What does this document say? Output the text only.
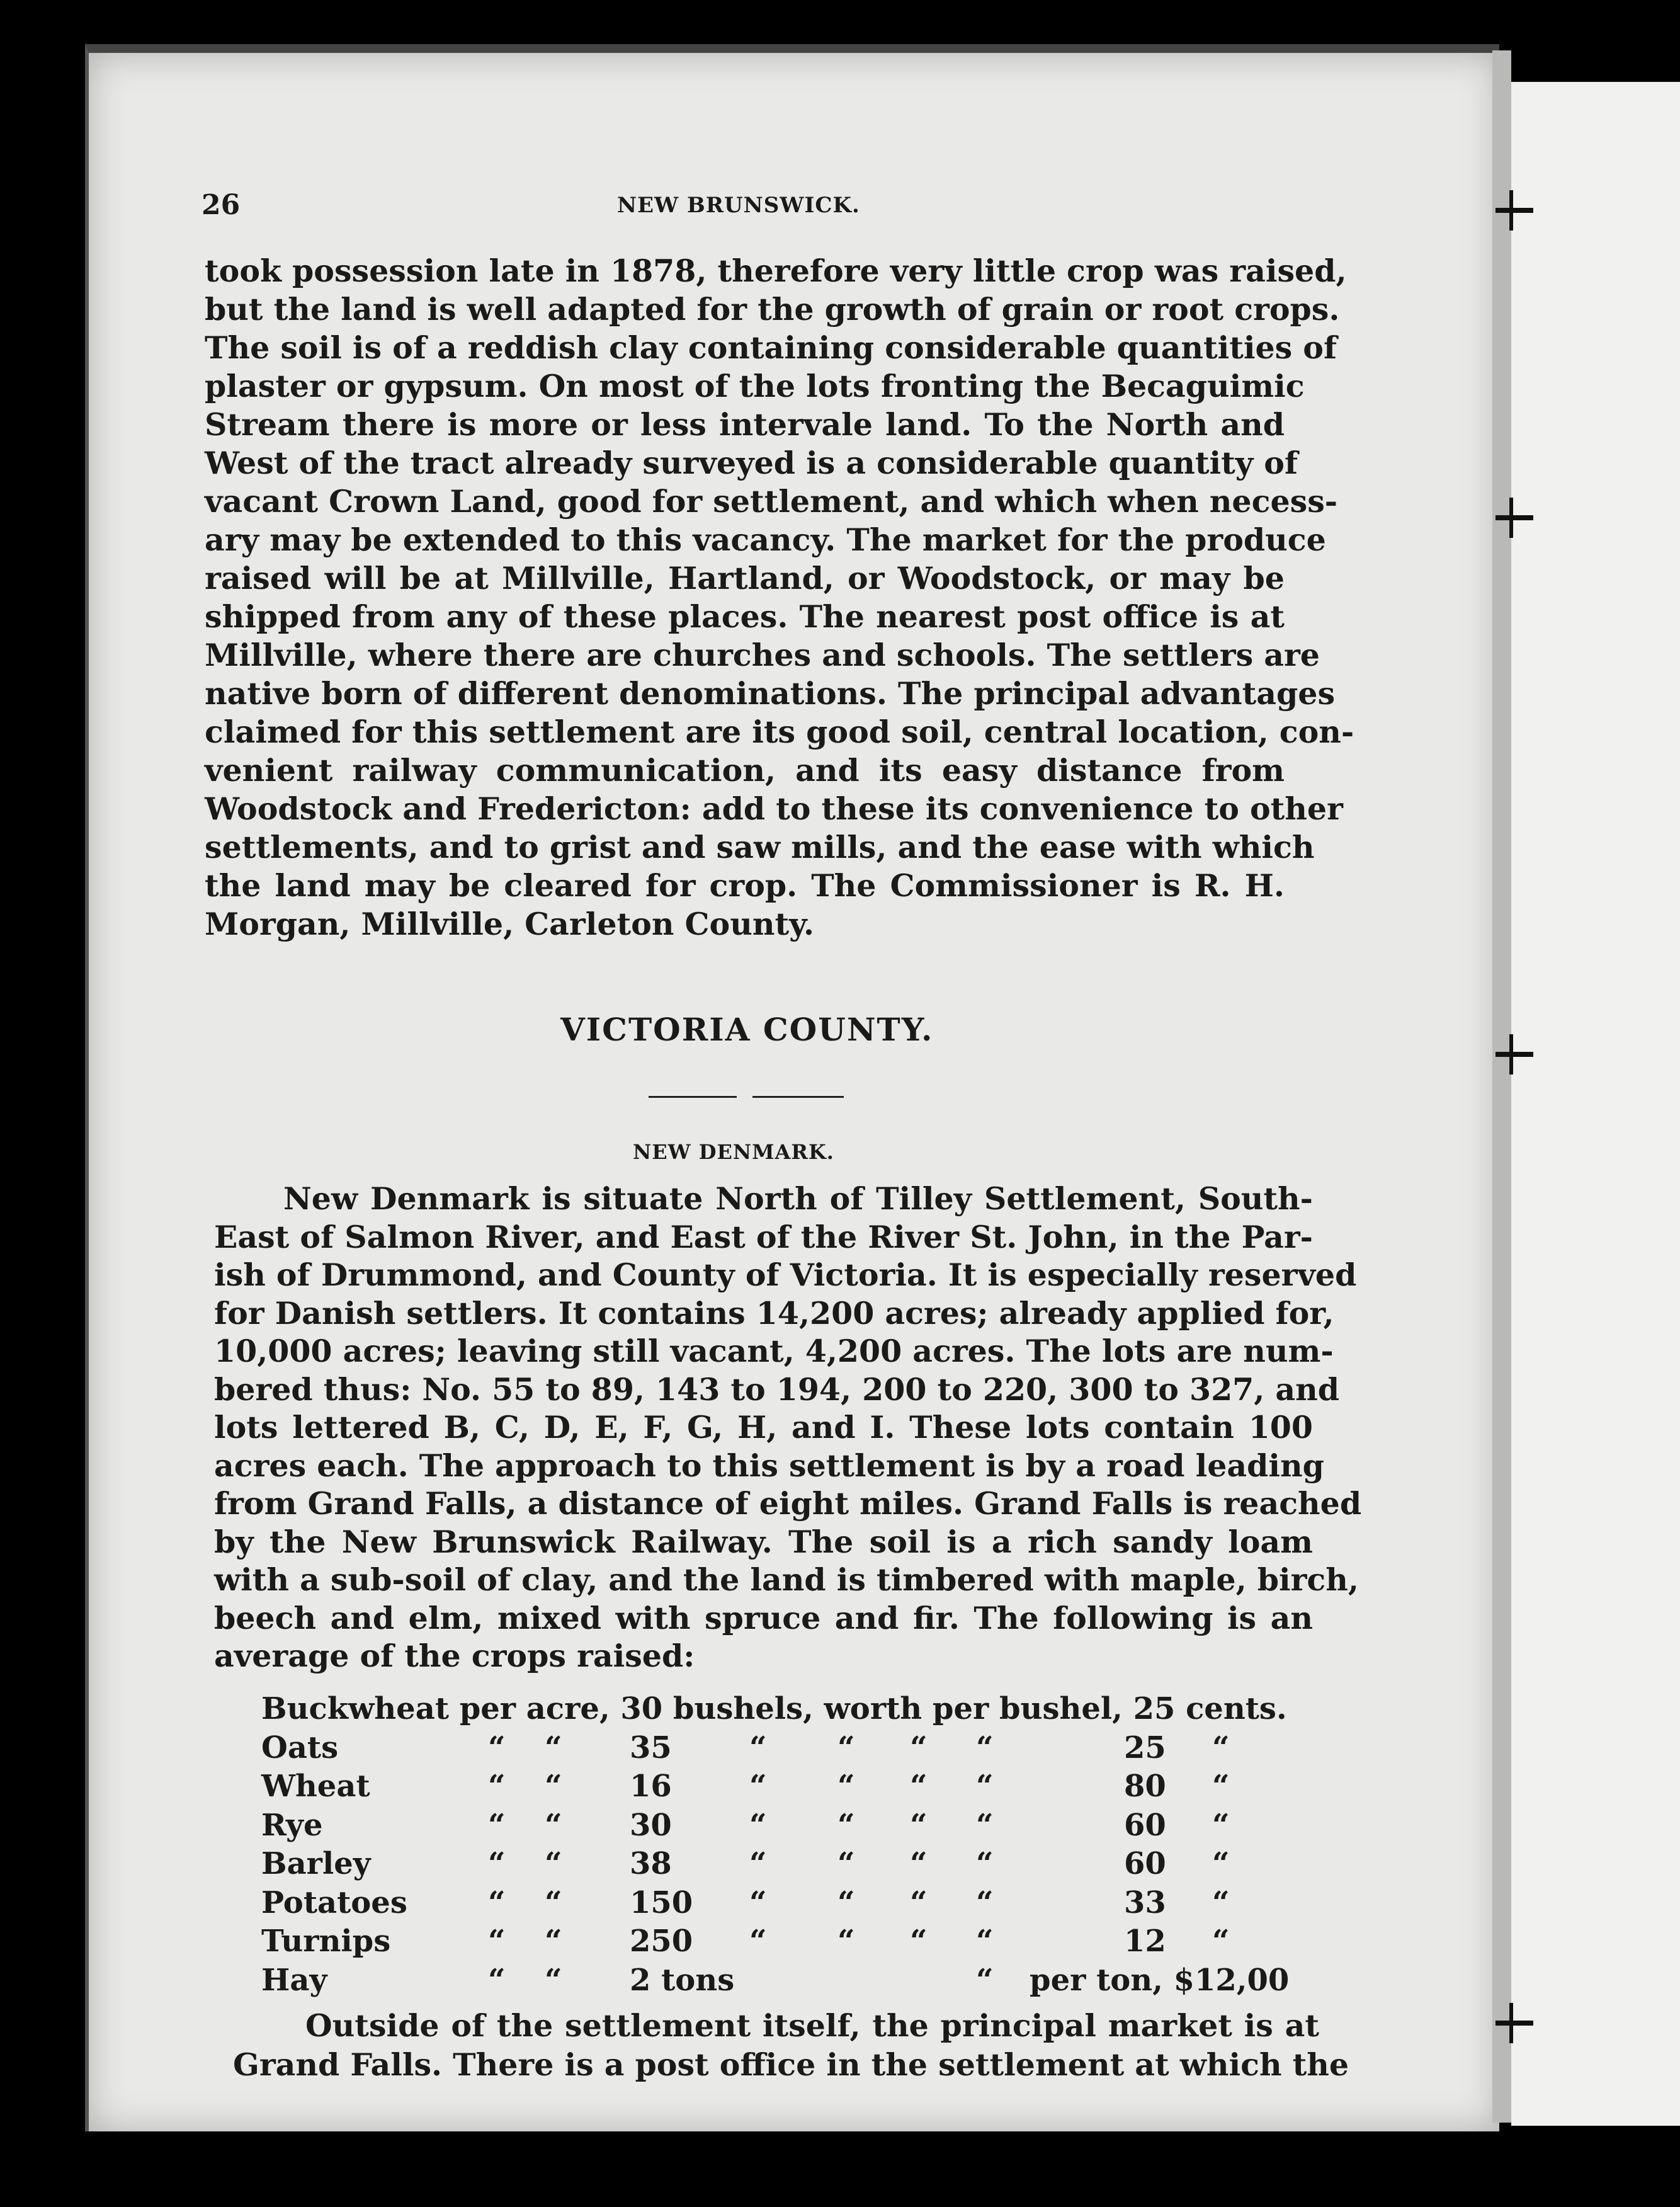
26	NEW BRUNSWICK.
took possession late in 1878, therefore very little crop was raised,
but the land is well adapted for the growth of grain or root crops.
The soil is of a reddish clay containing considerable quantities of
plaster or gypsum. On most of the lots fronting the Becaguimic
Stream there is more or less intervale land. To the North and
West of the tract already surveyed is a considerable quantity of
vacant Crown Land, good for settlement, and which when necess-
ary may be extended to this vacancy. The market for the produce
raised will be at Millville, Hartland, or Woodstock, or may be
shipped from any of these places. The nearest post office is at
Millville, where there are churches and schools. The settlers are
native born of different denominations. The principal advantages
claimed for this settlement are its good soil, central location, con-
venient railway communication, and its easy distance from
Woodstock and Fredericton: add to these its convenience to other
settlements, and to grist and saw mills, and the ease with which
the land may be cleared for crop. The Commissioner is R. H.
Morgan, Millville, Carleton County.
VICTORIA COUNTY.
NEW DENMARK.
New Denmark is situate North of Tilley Settlement, South-
East of Salmon River, and East of the River St. John, in the Par-
ish of Drummond, and County of Victoria. It is especially reserved
for Danish settlers. It contains 14,200 acres; already applied for,
10,000 acres; leaving still vacant, 4,200 acres. The lots are num-
bered thus: No. 55 to 89, 143 to 194, 200 to 220, 300 to 327, and
lots lettered B, C, D, E, F, G, H, and I. These lots contain 100
acres each. The approach to this settlement is by a road leading
from Grand Falls, a distance of eight miles. Grand Falls is reached
by the New Brunswick Railway. The soil is a rich sandy loam
with a sub-soil of clay, and the land is timbered with maple, birch,
beech and elm, mixed with spruce and fir. The following is an
average of the crops raised:
Buckwheat per acre, 30 bushels, worth per bushel, 25 cents.
Oats	“ “ 35	“ “ “ “	25 “
Wheat	“ “ 16	“ “ “ “	80 “
Rye	“ “ 30	“ “ “ “	60 “
Barley	“ “ 38	“ “ “ “	60 “
Potatoes	“ “ 150 “ “ “ “	33 “
Turnips	“ “ 250 “ “ “ “	12 “
Hay	“ “ 2 tons	“ per ton, $12,00
Outside of the settlement itself, the principal market is at
Grand Falls. There is a post office in the settlement at which the
